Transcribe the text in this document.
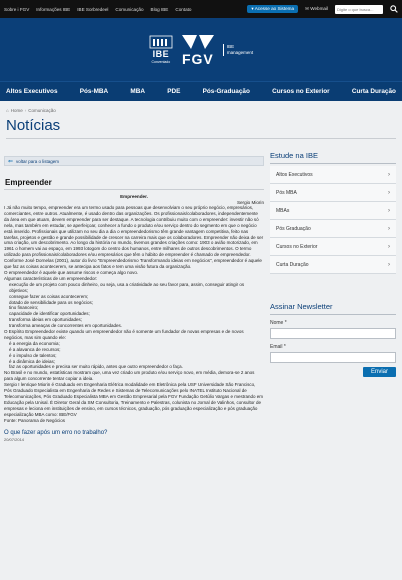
Sobre i FGV Informações IBE IBE Sorbredeel Comunicação Blog IBE Contato	▾ Acesse ao Sistema	✉ Webmail	Digite o que busca...
IBE
Conveniado FGV
IBE
management
Altos Executivos	Pós-MBA	MBA	PDE	Pós-Graduação	Cursos no Exterior	Curta Duração
⌂ Home › Comunicação
Notícias
⇐ voltar para o listagem
Empreender
Empreender.
Sergio Miorin

I Já não muito tempo, empreender era um termo usado para pessoas que desenvolviam o seu próprio negócio, empresários, comerciantes, entre outros. Atualmente, é usado dentro das organizações. Os profissionais/colaboradores, independentemente da área em que atuam, devem empreender para ser destaque. A tecnologia contribuiu muito com o empreender: investir não só nela, mas também em estudar, se aperfeiçoar, conhecer a fundo o produto e/ou serviço dentro do segmento em que o negócio está inserido. Profissionais que utilizam no seu dia a dia o empreendedorismo têm grande vantagem competitiva, feito nas tarefas, projetos e gestão e grande possibilidade de crescer na carreira mais que os colaboradores. Empreender não deixa de ser uma criação, um descobrimento. Ao longo da história no mundo, tivemos grandes criações como: 1903 o avião motorizado, em 1961 o homem vai ao espaço, em 1993 lotogom do centro dos humanos, entre milhares de outros descobrimentos. O termo utilizado para profissionais/colaboradores e/ou empresários que têm o hábito de empreender é chamado de empreendedor.

Conforme José Dornelas (2001), autor do livro "Empreendedorismo Transformando ideias em negócios", empreendedor é aquele que faz as coisas acontecerem, se antecipa aos fatos e tem uma visão futura da organização.

O empreendedor é aquele que assume riscos e começa algo novo.

Algumas características de um empreendedor:

execução de um projeto com pouco dinheiro, ou seja, usa a criatividade ao seu favor para, assim, conseguir atingir os objetivos;

consegue fazer as coisas acontecerem;

dotado de sensibilidade para os negócios;

tino financeiro;

capacidade de identificar oportunidades;

transforma ideias em oportunidades;

transforma ameaças de concorrentes em oportunidades.

O Espírito Empreendedor existe quando um empreendedor não é somente um fundador de novas empresas e de novos negócios, mas sim quando ele:

é a energia da economia;

é a alavanca de recursos;

é o impulso de talentos;

é a dinâmica de ideias;

faz as oportunidades e precisa ser muito rápido, antes que outro empreendedor o faça.

No Brasil e no mundo, estatísticas mostram que, uma vez criado um produto e/ou serviço novo, em média, demora-se 2 anos para algum concorrente tentar copiar a ideia.

Sergio I lenrique Miorin é Graduado em Engenharia Elétrica modalidade em Eletrônica pela USF Universidade São Francisco, Pós Graduado Especialista em Engenharia de Redes e Sistemas de Telecomunicações pelo INATEL Instituto Nacional de Telecomunicações, Pós Graduado Especialista MBA em Gestão Empresarial pela FGV Fundação Getúlio Vargas e mestrando em Educação pela Unisal. É Diretor Geral da SM Consultoria, Treinamento e Palestras, colunista no Jornal de Valinhos, consultor de empresas e leciona em instituições de ensino, em cursos técnicos, graduação, pós graduação especialização e pós graduação especialização MBA como: IBE/FGV

Fonte: Panorama de Negócios

O que fazer após um erro no trabalho?
20/07/2014
Estude na IBE
Altos Executivos	›
Pós MBA	›
MBAs	›
Pós Graduação	›
Cursos no Exterior	›
Curta Duração	›
Assinar Newsletter
Nome *
Email *
Enviar
